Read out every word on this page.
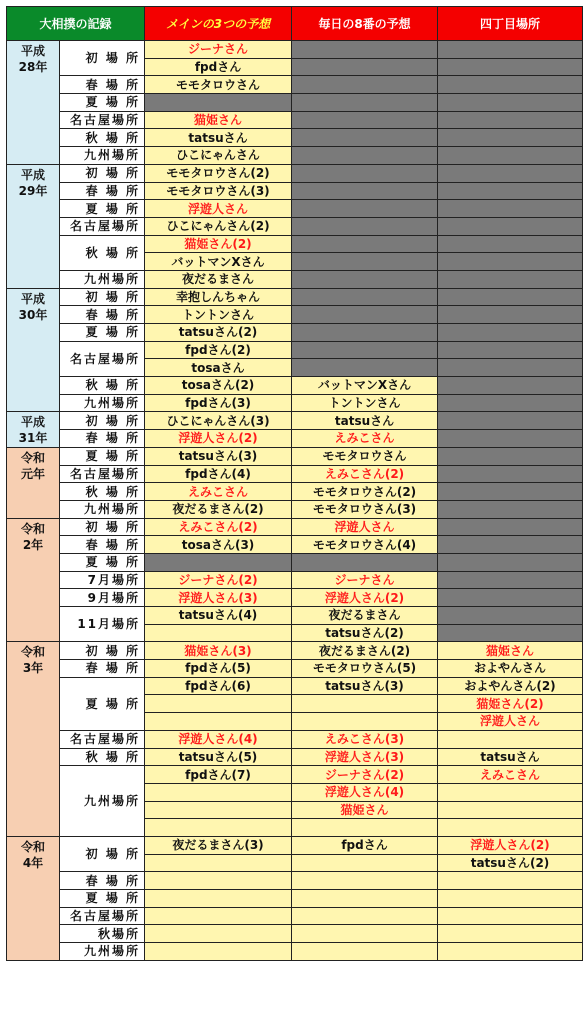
大相撲の記録		メインの3つの予想	毎日の8番の予想	四丁目場所

平成
28年	初 場 所	ジーナさん		
		fpdさん		
	春 場 所	モモタロウさん		
	夏 場 所			
	名古屋場所	猫姫さん		
	秋 場 所	tatsuさん		
	九州場所	ひこにゃんさん		

平成
29年	初 場 所	モモタロウさん(2)		
	春 場 所	モモタロウさん(3)		
	夏 場 所	浮遊人さん		
	名古屋場所	ひこにゃんさん(2)		
	秋 場 所	猫姫さん(2)		
		バットマンXさん		
	九州場所	夜だるまさん		

平成
30年	初 場 所	幸抱しんちゃん		
	春 場 所	トントンさん		
	夏 場 所	tatsuさん(2)		
	名古屋場所	fpdさん(2)		
		tosaさん		
	秋 場 所	tosaさん(2)	バットマンXさん	
	九州場所	fpdさん(3)	トントンさん	

平成
31年	初 場 所	ひこにゃんさん(3)	tatsuさん	
	春 場 所	浮遊人さん(2)	えみこさん	

令和
元年	夏 場 所	tatsuさん(3)	モモタロウさん	
	名古屋場所	fpdさん(4)	えみこさん(2)	
	秋 場 所	えみこさん	モモタロウさん(2)	
	九州場所	夜だるまさん(2)	モモタロウさん(3)	

令和
2年	初 場 所	えみこさん(2)	浮遊人さん	
	春 場 所	tosaさん(3)	モモタロウさん(4)	
	夏 場 所			
	7月場所	ジーナさん(2)	ジーナさん	
	9月場所	浮遊人さん(3)	浮遊人さん(2)	
	11月場所	tatsuさん(4)	夜だるまさん	
			tatsuさん(2)	

令和
3年	初 場 所	猫姫さん(3)	夜だるまさん(2)	猫姫さん
	春 場 所	fpdさん(5)	モモタロウさん(5)	およやんさん
	夏 場 所	fpdさん(6)	tatsuさん(3)	およやんさん(2)
				猫姫さん(2)
				浮遊人さん
	名古屋場所	浮遊人さん(4)	えみこさん(3)	
	秋 場 所	tatsuさん(5)	浮遊人さん(3)	tatsuさん
	九州場所	fpdさん(7)	ジーナさん(2)	えみこさん
			浮遊人さん(4)	
			猫姫さん	

令和
4年	初 場 所	夜だるまさん(3)	fpdさん	浮遊人さん(2)
				tatsuさん(2)
	春 場 所			
	夏 場 所			
	名古屋場所			
	秋場所			
	九州場所			
